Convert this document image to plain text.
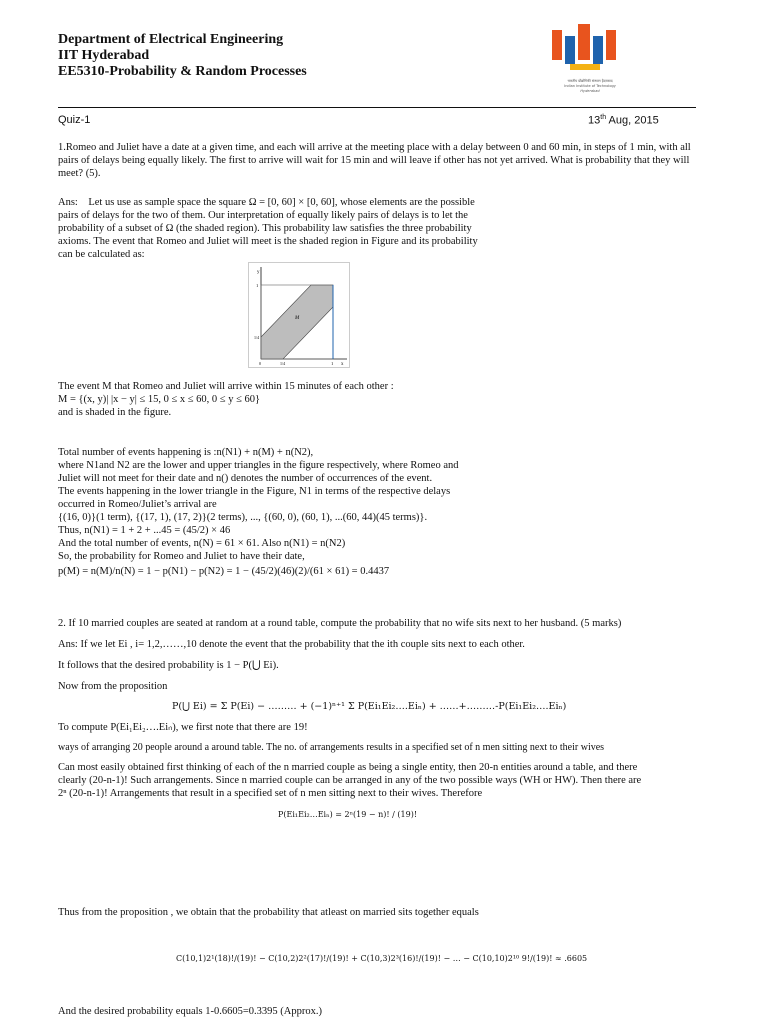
Department of Electrical Engineering
IIT Hyderabad
EE5310-Probability & Random Processes
भारतीय प्रौद्योगिकी संस्थान हैदराबाद
Indian Institute of Technology
Hyderabad
Quiz-1	13th Aug, 2015
1.Romeo and Juliet have a date at a given time, and each will arrive at the meeting place with a delay between 0 and 60 min, in steps of 1 min, with all pairs of delays being equally likely. The first to arrive will wait for 15 min and will leave if other has not yet arrived. What is probability that they will meet? (5).
Ans: Let us use as sample space the square Ω = [0, 60] × [0, 60], whose elements are the possible
pairs of delays for the two of them. Our interpretation of equally likely pairs of delays is to let the
probability of a subset of Ω (the shaded region). This probability law satisfies the three probability
axioms. The event that Romeo and Juliet will meet is the shaded region in Figure and its probability
can be calculated as:
y
x
1
1/4
0	1/4	1
M
The event M that Romeo and Juliet will arrive within 15 minutes of each other :
M = {(x, y)| |x − y| ≤ 15, 0 ≤ x ≤ 60, 0 ≤ y ≤ 60}
and is shaded in the figure.
Total number of events happening is :n(N1) + n(M) + n(N2),
where N1and N2 are the lower and upper triangles in the figure respectively, where Romeo and
Juliet will not meet for their date and n() denotes the number of occurrences of the event.
The events happening in the lower triangle in the Figure, N1 in terms of the respective delays
occurred in Romeo/Juliet’s arrival are
{(16, 0)}(1 term), {(17, 1), (17, 2)}(2 terms), ..., {(60, 0), (60, 1), ...(60, 44)(45 terms)}.
Thus, n(N1) = 1 + 2 + ...45 = (45/2) × 46
And the total number of events, n(N) = 61 × 61. Also n(N1) = n(N2)
So, the probability for Romeo and Juliet to have their date,
p(M) = n(M)/n(N) = 1 − p(N1) − p(N2) = 1 − (45/2)(46)(2)/(61 × 61) = 0.4437
2. If 10 married couples are seated at random at a round table, compute the probability that no wife sits next to her husband. (5 marks)
Ans: If we let Ei , i= 1,2,……,10 denote the event that the probability that the ith couple sits next to each other.
It follows that the desired probability is 1 − P(⋃ Ei).
Now from the proposition
P(⋃ Ei) = Σ P(Ei) − ……… + (−1)ⁿ⁺¹ Σ P(Ei₁Ei₂….Eiₙ) + ……+………-P(Ei₁Ei₂….Eiₙ)
To compute P(Ei₁Ei₂….Eiₙ), we first note that there are 19!
ways of arranging 20 people around a around table. The no. of arrangements results in a specified set of n men sitting next to their wives
Can most easily obtained first thinking of each of the n married couple as being a single entity, then 20-n entities around a table, and there
clearly (20-n-1)! Such arrangements. Since n married couple can be arranged in any of the two possible ways (WH or HW). Then there are
2ⁿ (20-n-1)! Arrangements that result in a specified set of n men sitting next to their wives. Therefore
P(Ei₁Ei₂…Eiₙ) = 2ⁿ(19 − n)! / (19)!
Thus from the proposition , we obtain that the probability that atleast on married sits together equals
C(10,1)2¹(18)!/(19)! − C(10,2)2²(17)!/(19)! + C(10,3)2³(16)!/(19)! − … − C(10,10)2¹⁰ 9!/(19)! ≈ .6605
And the desired probability equals 1-0.6605=0.3395 (Approx.)
